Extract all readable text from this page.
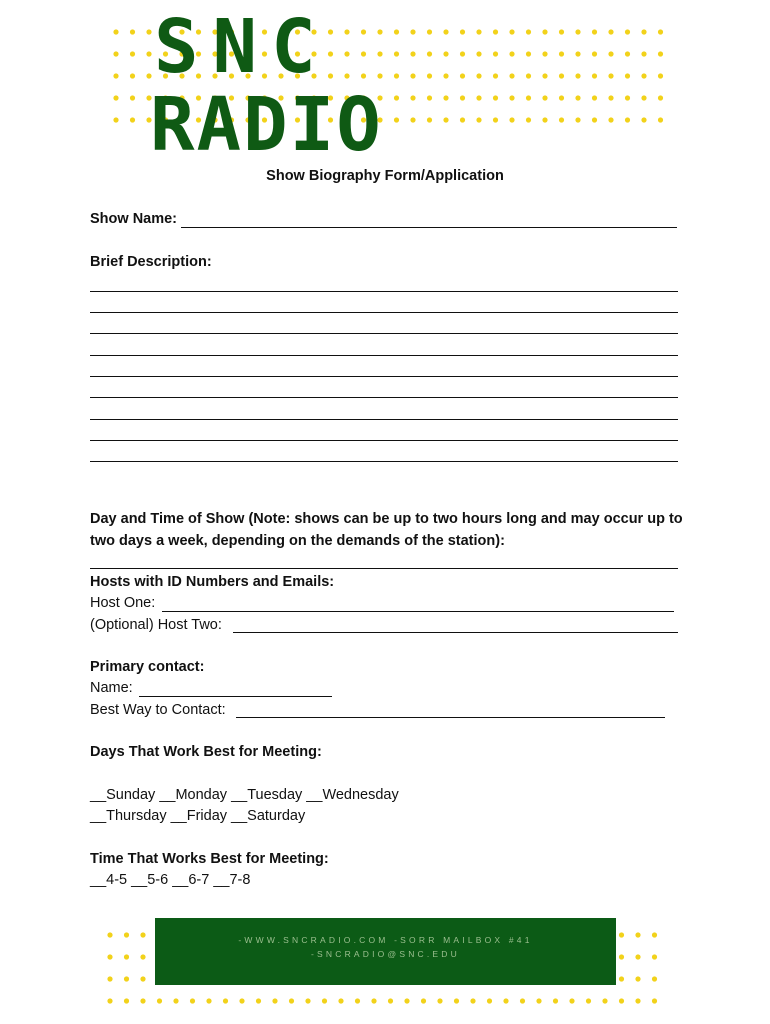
SNC
RADIO
Show Biography Form/Application
Show Name:
Brief Description:
Day and Time of Show (Note: shows can be up to two hours long and may occur up to two days a week, depending on the demands of the station):
Hosts with ID Numbers and Emails:
Host One:
(Optional) Host Two:
Primary contact:
Name:
Best Way to Contact:
Days That Work Best for Meeting:
__Sunday __Monday __Tuesday __Wednesday
__Thursday __Friday __Saturday
Time That Works Best for Meeting:
__4-5 __5-6 __6-7 __7-8
-WWW.SNCRADIO.COM -SORR MAILBOX #41
-SNCRADIO@SNC.EDU
